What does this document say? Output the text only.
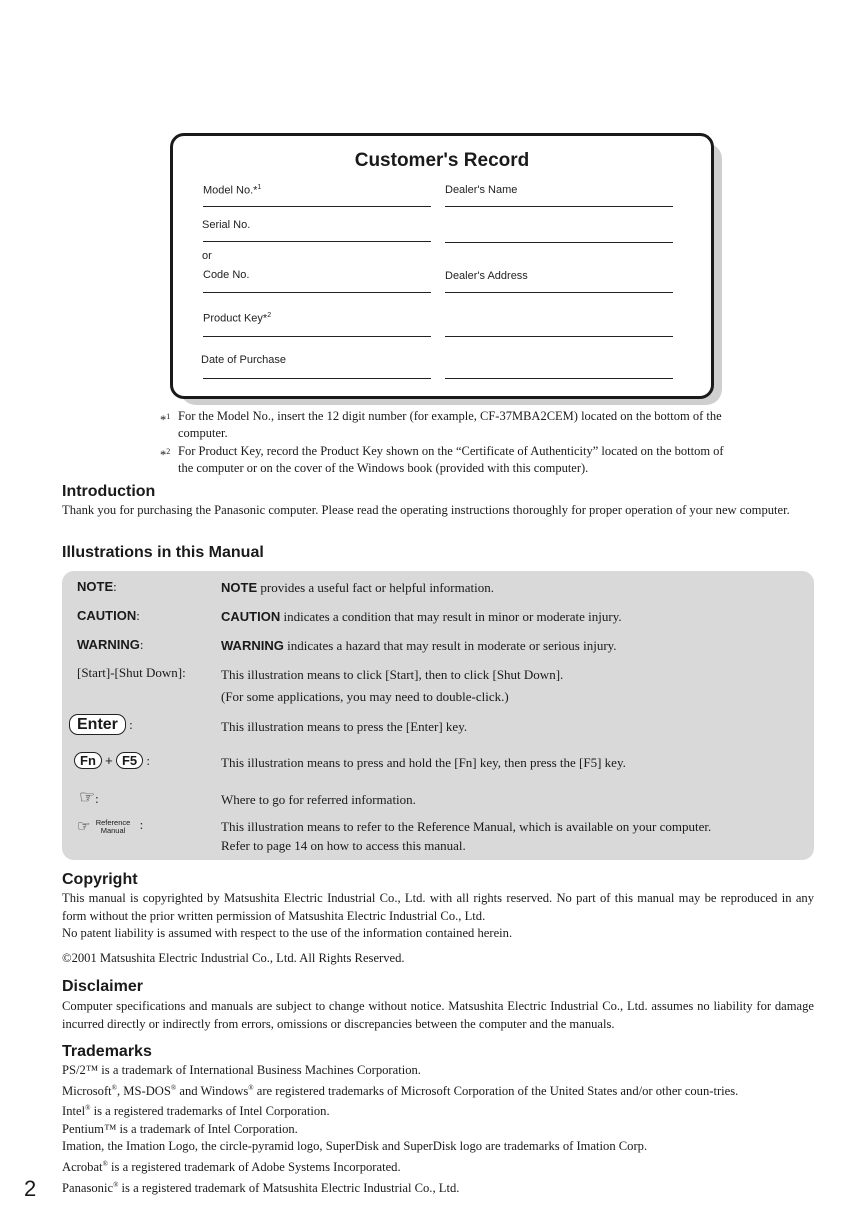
Customer's Record
Model No.*$^1$
Serial No.
or
Code No.
Product Key*$^2$
Date of Purchase
Dealer's Name
Dealer's Address
*$^1$ For the Model No., insert the 12 digit number (for example, CF-37MBA2CEM) located on the bottom of the computer.
*$^2$ For Product Key, record the Product Key shown on the “Certificate of Authenticity” located on the bottom of the computer or on the cover of the Windows book (provided with this computer).
Introduction
Thank you for purchasing the Panasonic computer. Please read the operating instructions thoroughly for proper operation of your new computer.
Illustrations in this Manual
NOTE:	NOTE provides a useful fact or helpful information.
CAUTION:	CAUTION indicates a condition that may result in minor or moderate injury.
WARNING:	WARNING indicates a hazard that may result in moderate or serious injury.
[Start]-[Shut Down]:	This illustration means to click [Start], then to click [Shut Down].
(For some applications, you may need to double-click.)
Enter :	This illustration means to press the [Enter] key.
Fn + F5 :	This illustration means to press and hold the [Fn] key, then press the [F5] key.
☞:	Where to go for referred information.
☞ Reference
Manual :	This illustration means to refer to the Reference Manual, which is available on your computer.
Refer to page 14 on how to access this manual.
Copyright

This manual is copyrighted by Matsushita Electric Industrial Co., Ltd. with all rights reserved. No part of this manual may be reproduced in any form without the prior written permission of Matsushita Electric Industrial Co., Ltd.

No patent liability is assumed with respect to the use of the information contained herein.

©2001 Matsushita Electric Industrial Co., Ltd. All Rights Reserved.

Disclaimer
Computer specifications and manuals are subject to change without notice. Matsushita Electric Industrial Co., Ltd. assumes no liability for damage incurred directly or indirectly from errors, omissions or discrepancies between the computer and the manuals.
Trademarks

PS/2™ is a trademark of International Business Machines Corporation.

Microsoft®, MS-DOS® and Windows® are registered trademarks of Microsoft Corporation of the United States and/or other coun-tries.

Intel® is a registered trademarks of Intel Corporation.

Pentium™ is a trademark of Intel Corporation.

Imation, the Imation Logo, the circle-pyramid logo, SuperDisk and SuperDisk logo are trademarks of Imation Corp.

Acrobat® is a registered trademark of Adobe Systems Incorporated.

Panasonic® is a registered trademark of Matsushita Electric Industrial Co., Ltd.

2
